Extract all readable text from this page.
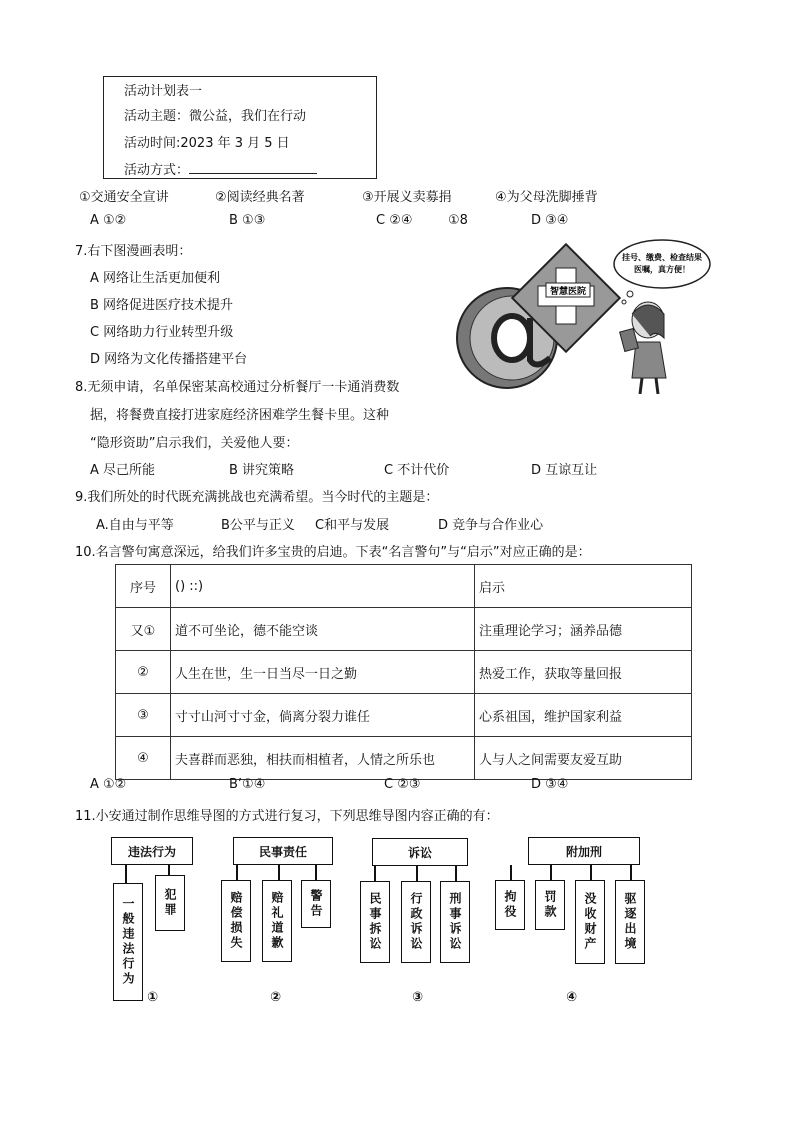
活动计划表一
活动主题：微公益，我们在行动
活动时间:2023 年 3 月 5 日
活动方式：
①交通安全宣讲	②阅读经典名著	③开展义卖募捐	④为父母洗脚捶背
A ①②	B ①③	C ②④	①8	D ③④
7.右下图漫画表明：
A 网络让生活更加便利
B 网络促进医疗技术提升
C 网络助力行业转型升级
D 网络为文化传播搭建平台
智慧医院
挂号、缴费、检查结果
医嘱，真方便！
8.无须申请，名单保密某高校通过分析餐厅一卡通消费数
据，将餐费直接打进家庭经济困难学生餐卡里。这种
“隐形资助”启示我们，关爱他人要：
A 尽己所能	B 讲究策略	C 不计代价	D 互谅互让
9.我们所处的时代既充满挑战也充满希望。当今时代的主题是：
A.自由与平等	B公平与正义 C和平与发展	D 竞争与合作业心
10.名言警句寓意深远，给我们许多宝贵的启迪。下表“名言警句”与“启示”对应正确的是：
序号	() ::)	启示
又①	道不可坐论，德不能空谈	注重理论学习；涵养品德
②	人生在世，生一日当尽一日之勤	热爱工作，获取等量回报
③	寸寸山河寸寸金，倘离分裂力谁任	心系祖国，维护国家利益
④	夫喜群而恶独，相扶而相植者，人情之所乐也	人与人之间需要友爱互助
A ①②	B’①④	C ②③	D ③④
11.小安通过制作思维导图的方式进行复习，下列思维导图内容正确的有：
违法行为
一般违法行为	犯罪
①
民事责任
赔偿损失	赔礼道歉	警告
②
诉讼
民事拆讼	行政诉讼	刑事诉讼
③
附加刑
拘役	罚款	没收财产	驱逐出境
④
